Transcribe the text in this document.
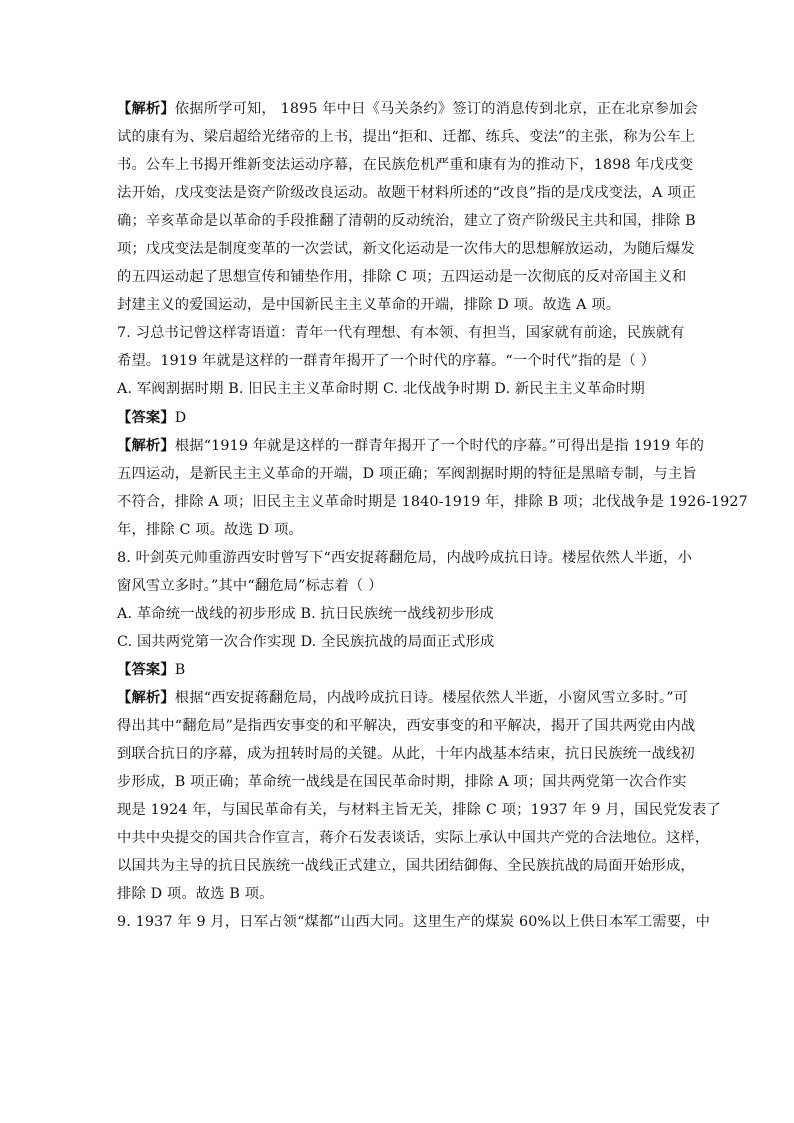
【解析】依据所学可知， 1895 年中日《马关条约》签订的消息传到北京，正在北京参加会
试的康有为、梁启超给光绪帝的上书，提出“拒和、迁都、练兵、变法”的主张，称为公车上
书。公车上书揭开维新变法运动序幕，在民族危机严重和康有为的推动下，1898 年戊戌变
法开始，戊戌变法是资产阶级改良运动。故题干材料所述的“改良”指的是戊戌变法，A 项正
确；辛亥革命是以革命的手段推翻了清朝的反动统治，建立了资产阶级民主共和国，排除 B
项；戊戌变法是制度变革的一次尝试，新文化运动是一次伟大的思想解放运动，为随后爆发
的五四运动起了思想宣传和铺垫作用，排除 C 项；五四运动是一次彻底的反对帝国主义和
封建主义的爱国运动，是中国新民主主义革命的开端，排除 D 项。故选 A 项。
7. 习总书记曾这样寄语道：青年一代有理想、有本领、有担当，国家就有前途，民族就有
希望。1919 年就是这样的一群青年揭开了一个时代的序幕。“一个时代”指的是（ ）
A. 军阀割据时期 B. 旧民主主义革命时期 C. 北伐战争时期 D. 新民主主义革命时期
【答案】D
【解析】根据“1919 年就是这样的一群青年揭开了一个时代的序幕。”可得出是指 1919 年的
五四运动，是新民主主义革命的开端，D 项正确；军阀割据时期的特征是黑暗专制，与主旨
不符合，排除 A 项；旧民主主义革命时期是 1840-1919 年，排除 B 项；北伐战争是 1926-1927
年，排除 C 项。故选 D 项。
8. 叶剑英元帅重游西安时曾写下“西安捉蒋翻危局，内战吟成抗日诗。楼屋依然人半逝，小
窗风雪立多时。”其中“翻危局”标志着（ ）
A. 革命统一战线的初步形成 B. 抗日民族统一战线初步形成
C. 国共两党第一次合作实现 D. 全民族抗战的局面正式形成
【答案】B
【解析】根据“西安捉蒋翻危局，内战吟成抗日诗。楼屋依然人半逝，小窗风雪立多时。”可
得出其中“翻危局”是指西安事变的和平解决，西安事变的和平解决，揭开了国共两党由内战
到联合抗日的序幕，成为扭转时局的关键。从此，十年内战基本结束，抗日民族统一战线初
步形成，B 项正确；革命统一战线是在国民革命时期，排除 A 项；国共两党第一次合作实
现是 1924 年，与国民革命有关，与材料主旨无关，排除 C 项；1937 年 9 月，国民党发表了
中共中央提交的国共合作宣言，蒋介石发表谈话，实际上承认中国共产党的合法地位。这样，
以国共为主导的抗日民族统一战线正式建立，国共团结御侮、全民族抗战的局面开始形成，
排除 D 项。故选 B 项。
9. 1937 年 9 月，日军占领“煤都”山西大同。这里生产的煤炭 60%以上供日本军工需要，中
